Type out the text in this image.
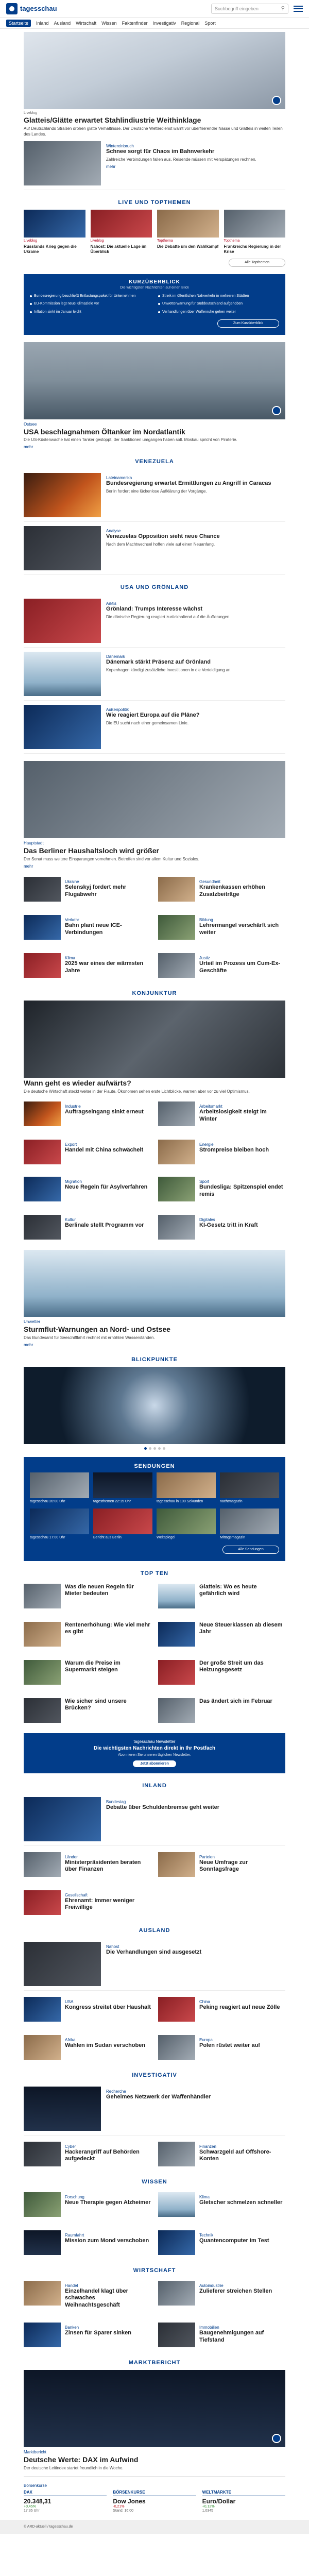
tagesschau	Suchbegriff eingeben	⚲
Startseite	Inland Ausland Wirtschaft Wissen Faktenfinder Investigativ Regional Sport
Liveblog
Glatteis/Glätte erwartet Stahlindiustrie Weithinklage
Auf Deutschlands Straßen drohen glatte Verhältnisse. Der Deutsche Wetterdienst warnt vor überfrierender Nässe und Glatteis in weiten Teilen des Landes.
Wintereinbruch
Schnee sorgt für Chaos im Bahnverkehr
Zahlreiche Verbindungen fallen aus, Reisende müssen mit Verspätungen rechnen.
mehr
LIVE UND TOPTHEMEN
Liveblog
Russlands Krieg gegen die Ukraine
Liveblog
Nahost: Die aktuelle Lage im Überblick
Topthema
Die Debatte um den Wahlkampf
Topthema
Frankreichs Regierung in der Krise
Alle Topthemen
KURZÜBERBLICK
Die wichtigsten Nachrichten auf einen Blick
Bundesregierung beschließt Entlastungspaket für Unternehmen	Streik im öffentlichen Nahverkehr in mehreren Städten
EU-Kommission legt neue Klimaziele vor	Unwetterwarnung für Süddeutschland aufgehoben
Inflation sinkt im Januar leicht	Verhandlungen über Waffenruhe gehen weiter
Zum Kurzüberblick
Ostsee
USA beschlagnahmen Öltanker im Nordatlantik
Die US-Küstenwache hat einen Tanker gestoppt, der Sanktionen umgangen haben soll. Moskau spricht von Piraterie.
mehr
VENEZUELA
Lateinamerika
Bundesregierung erwartet Ermittlungen zu Angriff in Caracas
Berlin fordert eine lückenlose Aufklärung der Vorgänge.
Analyse
Venezuelas Opposition sieht neue Chance
Nach dem Machtwechsel hoffen viele auf einen Neuanfang.
USA UND GRÖNLAND
Arktis
Grönland: Trumps Interesse wächst
Die dänische Regierung reagiert zurückhaltend auf die Äußerungen.
Dänemark
Dänemark stärkt Präsenz auf Grönland
Kopenhagen kündigt zusätzliche Investitionen in die Verteidigung an.
Außenpolitik
Wie reagiert Europa auf die Pläne?
Die EU sucht nach einer gemeinsamen Linie.
Hauptstadt
Das Berliner Haushaltsloch wird größer
Der Senat muss weitere Einsparungen vornehmen. Betroffen sind vor allem Kultur und Soziales.
mehr
Ukraine
Selenskyj fordert mehr Flugabwehr
Gesundheit
Krankenkassen erhöhen Zusatzbeiträge
Verkehr
Bahn plant neue ICE-Verbindungen
Bildung
Lehrermangel verschärft sich weiter
Klima
2025 war eines der wärmsten Jahre
Justiz
Urteil im Prozess um Cum-Ex-Geschäfte
KONJUNKTUR
Wann geht es wieder aufwärts?
Die deutsche Wirtschaft steckt weiter in der Flaute. Ökonomen sehen erste Lichtblicke, warnen aber vor zu viel Optimismus.
Industrie
Auftragseingang sinkt erneut
Arbeitsmarkt
Arbeitslosigkeit steigt im Winter
Export
Handel mit China schwächelt
Energie
Strompreise bleiben hoch
Migration
Neue Regeln für Asylverfahren
Sport
Bundesliga: Spitzenspiel endet remis
Kultur
Berlinale stellt Programm vor
Digitales
KI-Gesetz tritt in Kraft
Unwetter
Sturmflut-Warnungen an Nord- und Ostsee
Das Bundesamt für Seeschifffahrt rechnet mit erhöhten Wasserständen.
mehr
BLICKPUNKTE
SENDUNGEN
tagesschau 20:00 Uhr	tagesthemen 22:15 Uhr	tagesschau in 100 Sekunden	nachtmagazin
tagesschau 17:00 Uhr	Bericht aus Berlin	Weltspiegel	Mittagsmagazin
Alle Sendungen
TOP TEN
Was die neuen Regeln für Mieter bedeuten
Glatteis: Wo es heute gefährlich wird
Rentenerhöhung: Wie viel mehr es gibt
Neue Steuerklassen ab diesem Jahr
Warum die Preise im Supermarkt steigen
Der große Streit um das Heizungsgesetz
Wie sicher sind unsere Brücken?
Das ändert sich im Februar
tagesschau Newsletter
Die wichtigsten Nachrichten direkt in Ihr Postfach
Abonnieren Sie unseren täglichen Newsletter.
Jetzt abonnieren
INLAND
Bundestag
Debatte über Schuldenbremse geht weiter
Länder
Ministerpräsidenten beraten über Finanzen
Parteien
Neue Umfrage zur Sonntagsfrage
Gesellschaft
Ehrenamt: Immer weniger Freiwillige
AUSLAND
Nahost
Die Verhandlungen sind ausgesetzt
USA
Kongress streitet über Haushalt
China
Peking reagiert auf neue Zölle
Afrika
Wahlen im Sudan verschoben
Europa
Polen rüstet weiter auf
INVESTIGATIV
Recherche
Geheimes Netzwerk der Waffenhändler
Cyber
Hackerangriff auf Behörden aufgedeckt
Finanzen
Schwarzgeld auf Offshore-Konten
WISSEN
Forschung
Neue Therapie gegen Alzheimer
Klima
Gletscher schmelzen schneller
Raumfahrt
Mission zum Mond verschoben
Technik
Quantencomputer im Test
WIRTSCHAFT
Handel
Einzelhandel klagt über schwaches Weihnachtsgeschäft
Autoindustrie
Zulieferer streichen Stellen
Banken
Zinsen für Sparer sinken
Immobilien
Baugenehmigungen auf Tiefstand
MARKTBERICHT
Marktbericht
Deutsche Werte: DAX im Aufwind
Der deutsche Leitindex startet freundlich in die Woche.
Börsenkurse
DAX
20.348,31
+0,45%
17:35 Uhr
BÖRSENKURSE
Dow Jones
-0,21%
Stand: 16:00
WELTMÄRKTE
Euro/Dollar
+0,12%
1,0345
© ARD-aktuell / tagesschau.de
